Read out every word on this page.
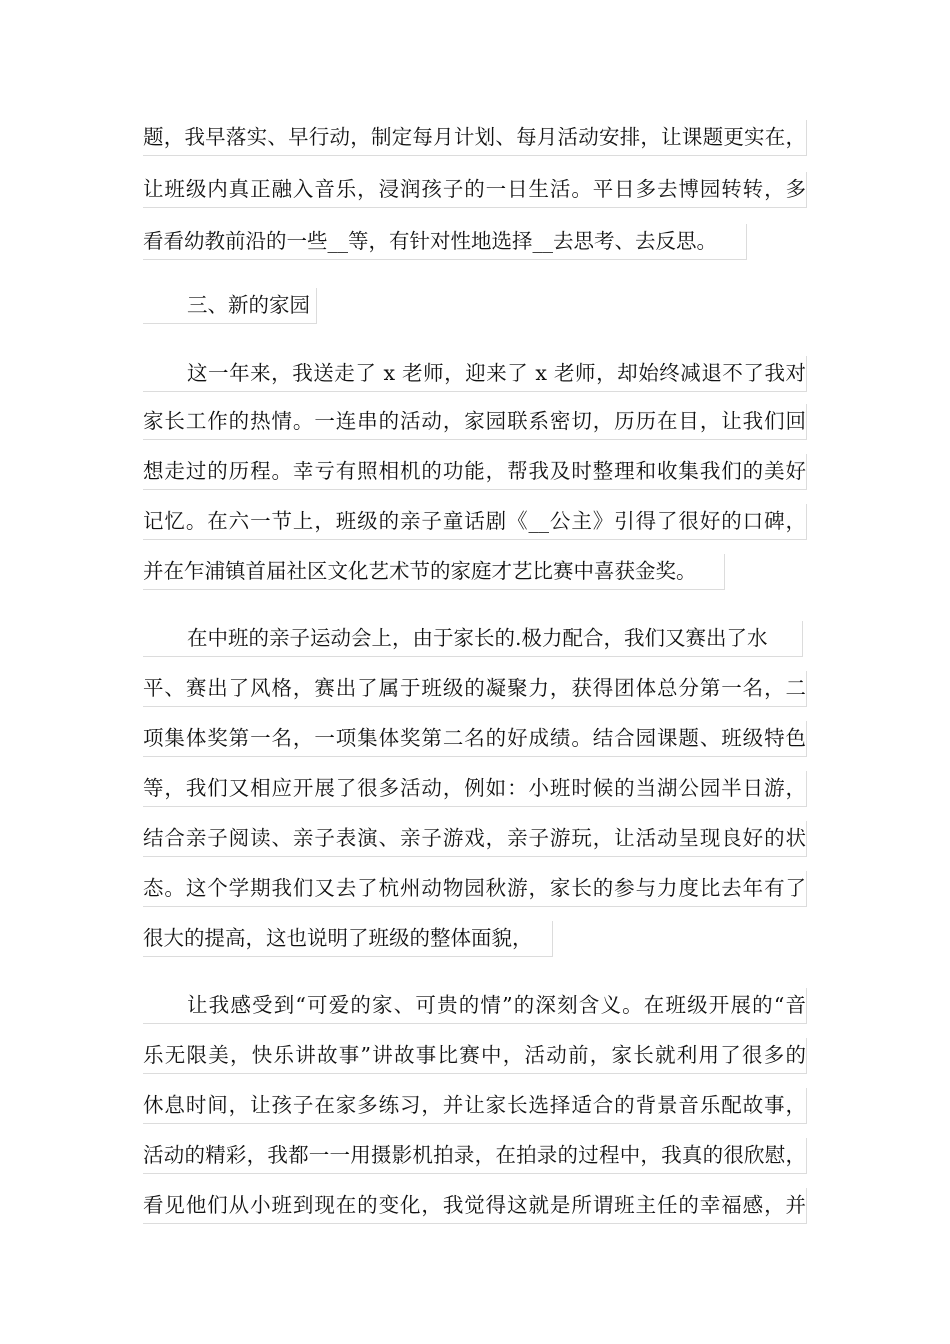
题，我早落实、早行动，制定每月计划、每月活动安排，让课题更实在，
让班级内真正融入音乐，浸润孩子的一日生活。平日多去博园转转，多
看看幼教前沿的一些__等，有针对性地选择__去思考、去反思。
三、新的家园
这一年来，我送走了 x 老师，迎来了 x 老师，却始终减退不了我对
家长工作的热情。一连串的活动，家园联系密切，历历在目，让我们回
想走过的历程。幸亏有照相机的功能，帮我及时整理和收集我们的美好
记忆。在六一节上，班级的亲子童话剧《__公主》引得了很好的口碑，
并在乍浦镇首届社区文化艺术节的家庭才艺比赛中喜获金奖。
在中班的亲子运动会上，由于家长的.极力配合，我们又赛出了水
平、赛出了风格，赛出了属于班级的凝聚力，获得团体总分第一名，二
项集体奖第一名，一项集体奖第二名的好成绩。结合园课题、班级特色
等，我们又相应开展了很多活动，例如：小班时候的当湖公园半日游，
结合亲子阅读、亲子表演、亲子游戏，亲子游玩，让活动呈现良好的状
态。这个学期我们又去了杭州动物园秋游，家长的参与力度比去年有了
很大的提高，这也说明了班级的整体面貌，
让我感受到“可爱的家、可贵的情”的深刻含义。在班级开展的“音
乐无限美，快乐讲故事”讲故事比赛中，活动前，家长就利用了很多的
休息时间，让孩子在家多练习，并让家长选择适合的背景音乐配故事，
活动的精彩，我都一一用摄影机拍录，在拍录的过程中，我真的很欣慰，
看见他们从小班到现在的变化，我觉得这就是所谓班主任的幸福感，并
